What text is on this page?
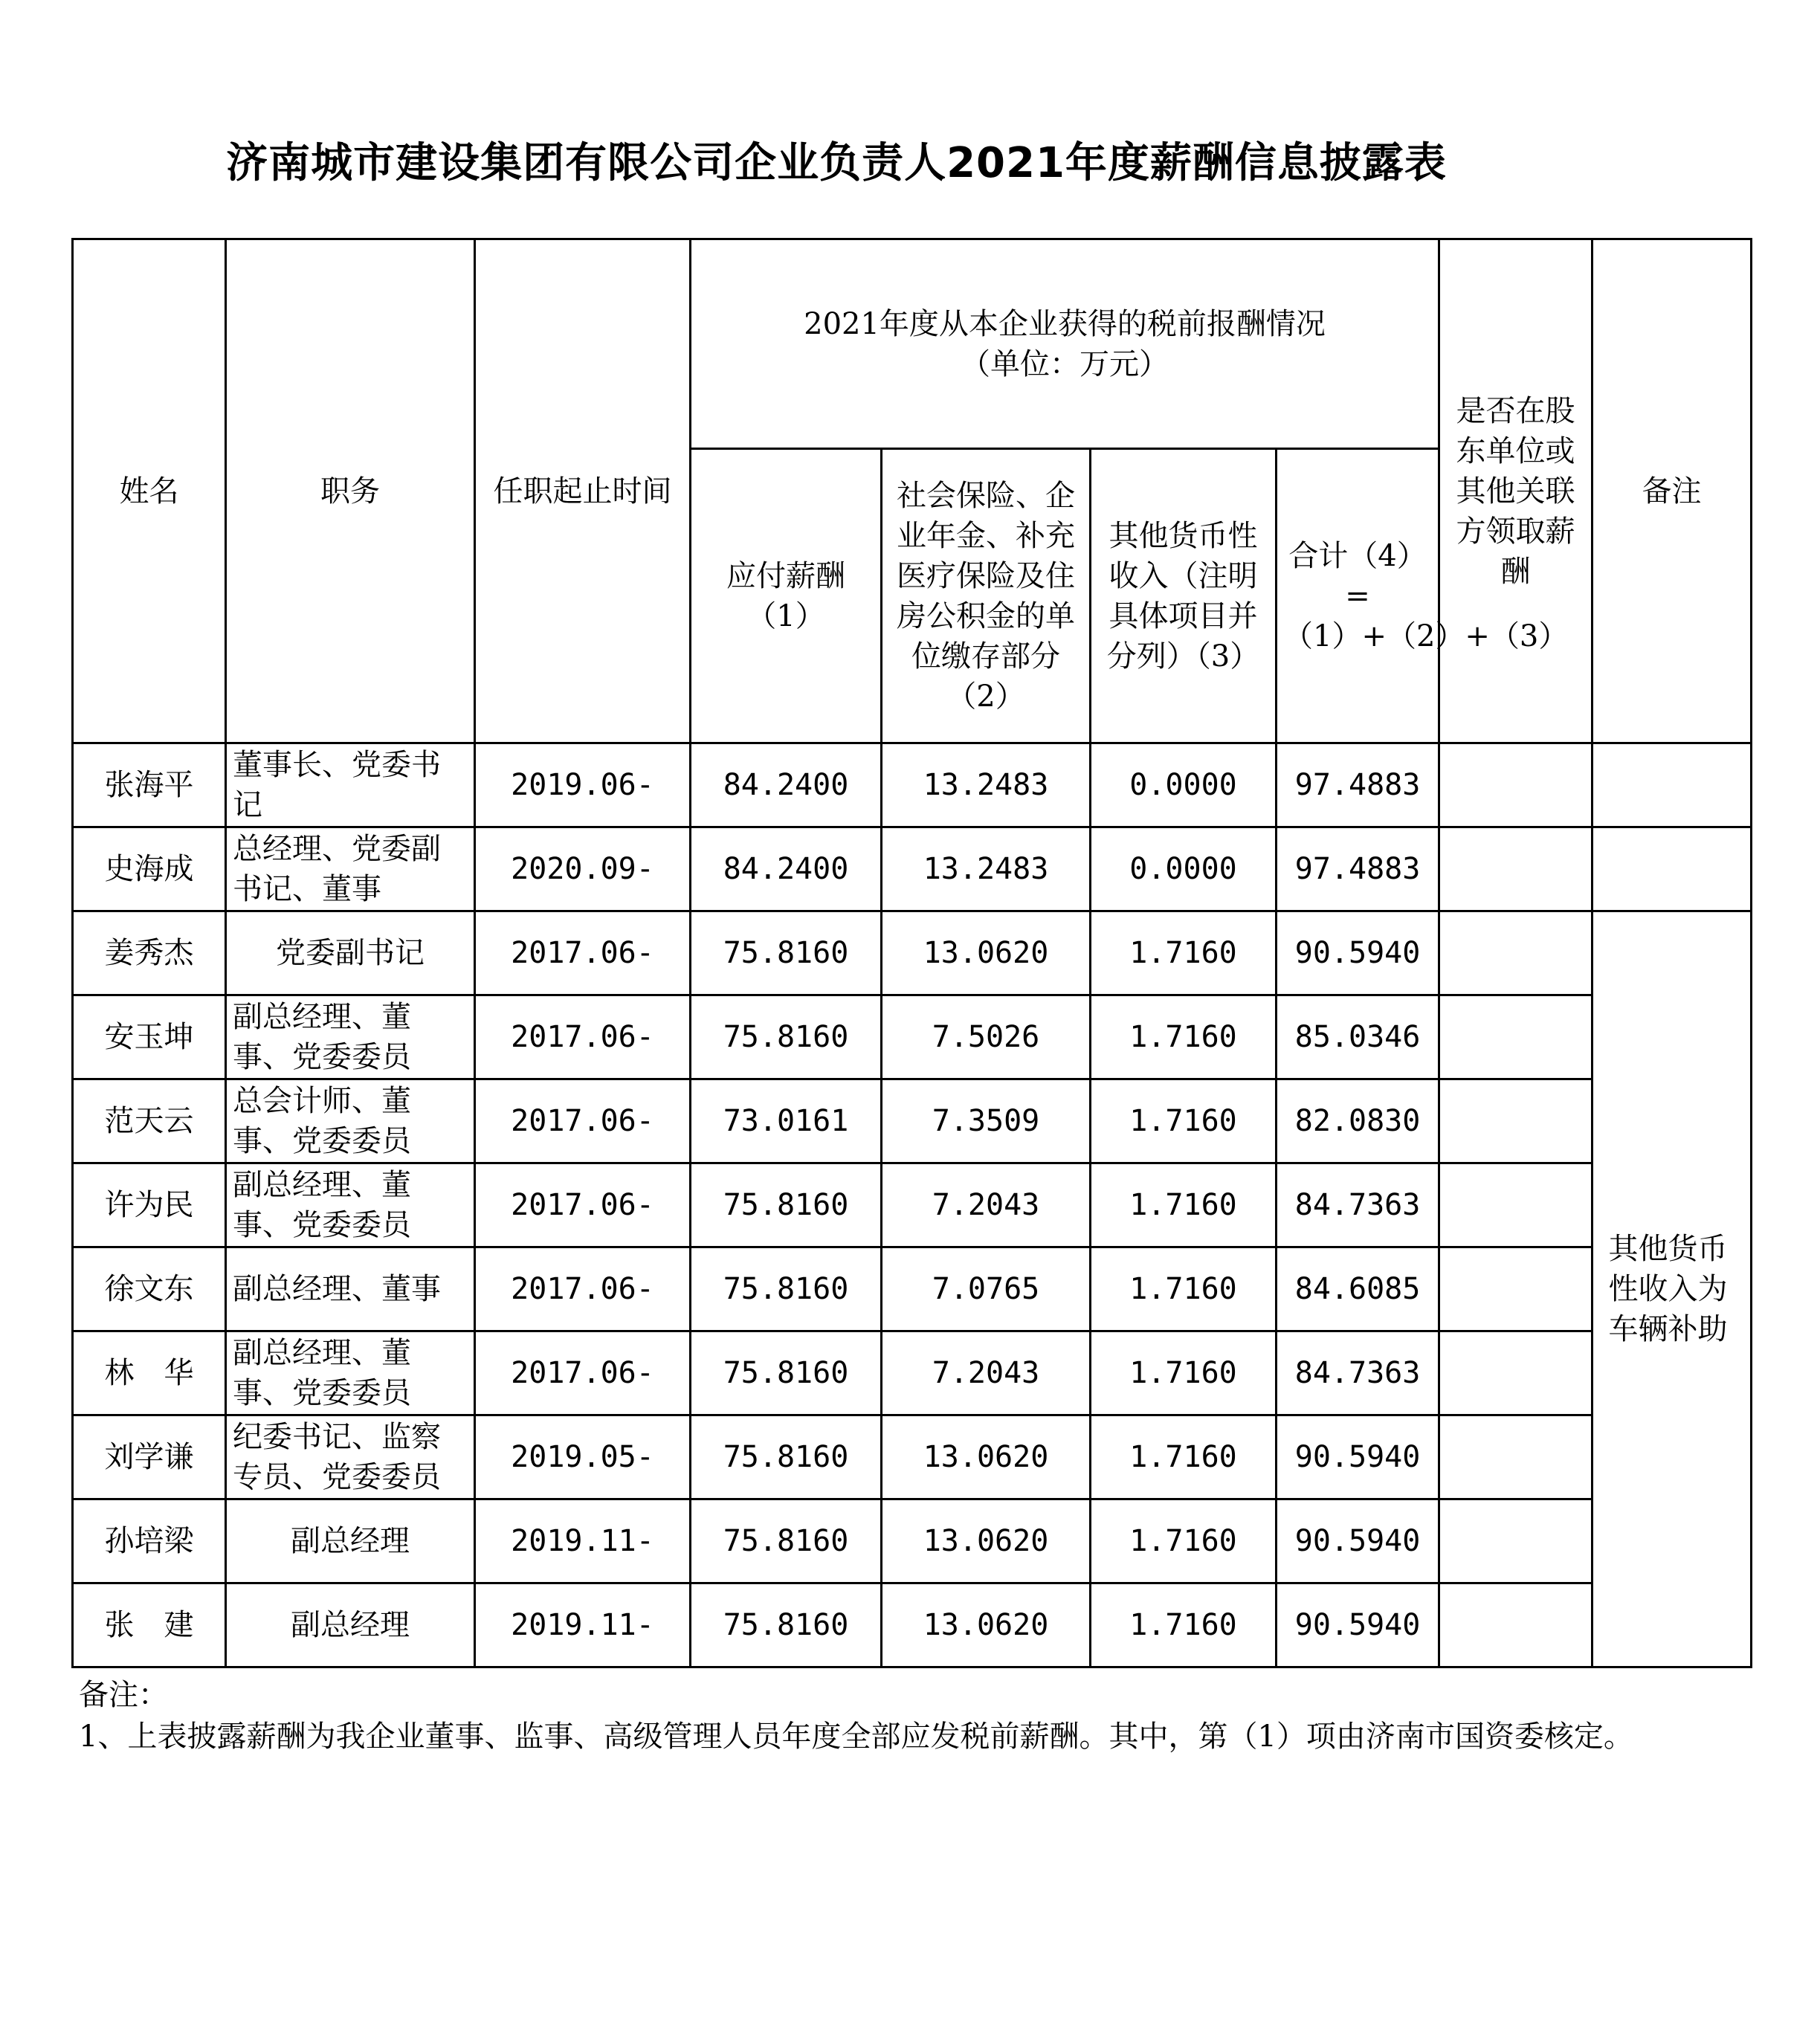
济南城市建设集团有限公司企业负责人2021年度薪酬信息披露表
姓名	职务	任职起止时间	2021年度从本企业获得的税前报酬情况
（单位：万元）				是否在股东单位或其他关联方领取薪酬	备注
			应付薪酬（1）	社会保险、企业年金、补充医疗保险及住房公积金的单位缴存部分（2）	其他货币性收入（注明具体项目并分列）（3）	合计（4）=（1）+（2）+（3）		
张海平	董事长、党委书记	2019.06-	84.2400	13.2483	0.0000	97.4883		
史海成	总经理、党委副书记、董事	2020.09-	84.2400	13.2483	0.0000	97.4883		
姜秀杰	党委副书记	2017.06-	75.8160	13.0620	1.7160	90.5940		其他货币性收入为车辆补助

安玉坤	副总经理、董事、党委委员	2017.06-	75.8160	7.5026	1.7160	85.0346		
范天云	总会计师、董事、党委委员	2017.06-	73.0161	7.3509	1.7160	82.0830		
许为民	副总经理、董事、党委委员	2017.06-	75.8160	7.2043	1.7160	84.7363		
徐文东	副总经理、董事	2017.06-	75.8160	7.0765	1.7160	84.6085		
林　华	副总经理、董事、党委委员	2017.06-	75.8160	7.2043	1.7160	84.7363		
刘学谦	纪委书记、监察专员、党委委员	2019.05-	75.8160	13.0620	1.7160	90.5940		
孙培梁	副总经理	2019.11-	75.8160	13.0620	1.7160	90.5940		
张　建	副总经理	2019.11-	75.8160	13.0620	1.7160	90.5940		

备注：

1、上表披露薪酬为我企业董事、监事、高级管理人员年度全部应发税前薪酬。其中，第（1）项由济南市国资委核定。
